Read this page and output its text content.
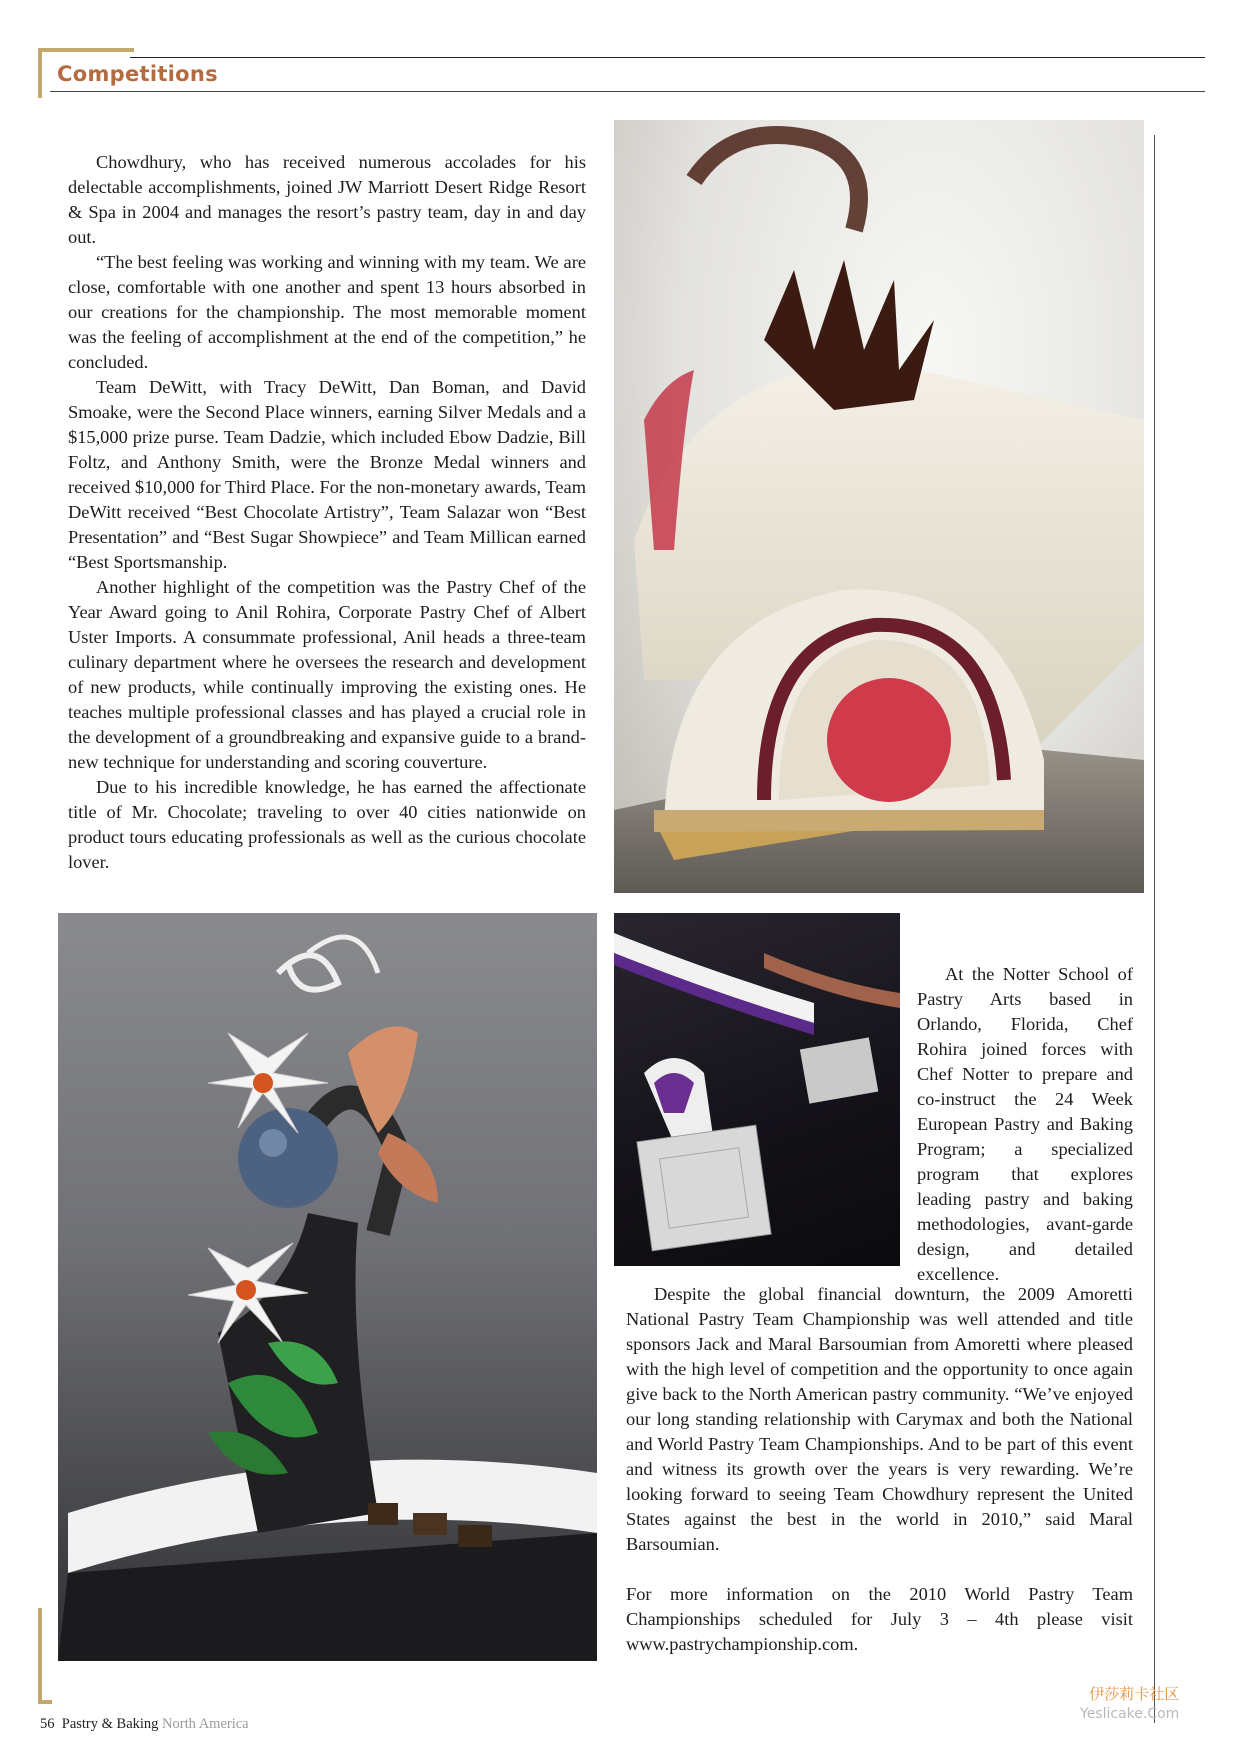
Competitions

Chowdhury, who has received numerous accolades for his delectable accomplishments, joined JW Marriott Desert Ridge Resort & Spa in 2004 and manages the resort’s pastry team, day in and day out.

“The best feeling was working and winning with my team. We are close, comfortable with one another and spent 13 hours absorbed in our creations for the championship. The most memorable moment was the feeling of accomplishment at the end of the competition,” he concluded.

Team DeWitt, with Tracy DeWitt, Dan Boman, and David Smoake, were the Second Place winners, earning Silver Medals and a $15,000 prize purse. Team Dadzie, which included Ebow Dadzie, Bill Foltz, and Anthony Smith, were the Bronze Medal winners and received $10,000 for Third Place. For the non-monetary awards, Team DeWitt received “Best Chocolate Artistry”, Team Salazar won “Best Presentation” and “Best Sugar Showpiece” and Team Millican earned “Best Sportsmanship.

Another highlight of the competition was the Pastry Chef of the Year Award going to Anil Rohira, Corporate Pastry Chef of Albert Uster Imports. A consummate professional, Anil heads a three-team culinary department where he oversees the research and development of new products, while continually improving the existing ones. He teaches multiple professional classes and has played a crucial role in the development of a groundbreaking and expansive guide to a brand-new technique for understanding and scoring couverture.

Due to his incredible knowledge, he has earned the affectionate title of Mr. Chocolate; traveling to over 40 cities nationwide on product tours educating professionals as well as the curious chocolate lover.

At the Notter School of Pastry Arts based in Orlando, Florida, Chef Rohira joined forces with Chef Notter to prepare and co-instruct the 24 Week European Pastry and Baking Program; a specialized program that explores leading pastry and baking methodologies, avant-garde design, and detailed excellence.

Despite the global financial downturn, the 2009 Amoretti National Pastry Team Championship was well attended and title sponsors Jack and Maral Barsoumian from Amoretti where pleased with the high level of competition and the opportunity to once again give back to the North American pastry community. “We’ve enjoyed our long standing relationship with Carymax and both the National and World Pastry Team Championships. And to be part of this event and witness its growth over the years is very rewarding. We’re looking forward to seeing Team Chowdhury represent the United States against the best in the world in 2010,” said Maral Barsoumian.

For more information on the 2010 World Pastry Team Championships scheduled for July 3 – 4th please visit www.pastrychampionship.com.

56 Pastry & Baking North America
伊莎莉卡社区
Yeslicake.Com
